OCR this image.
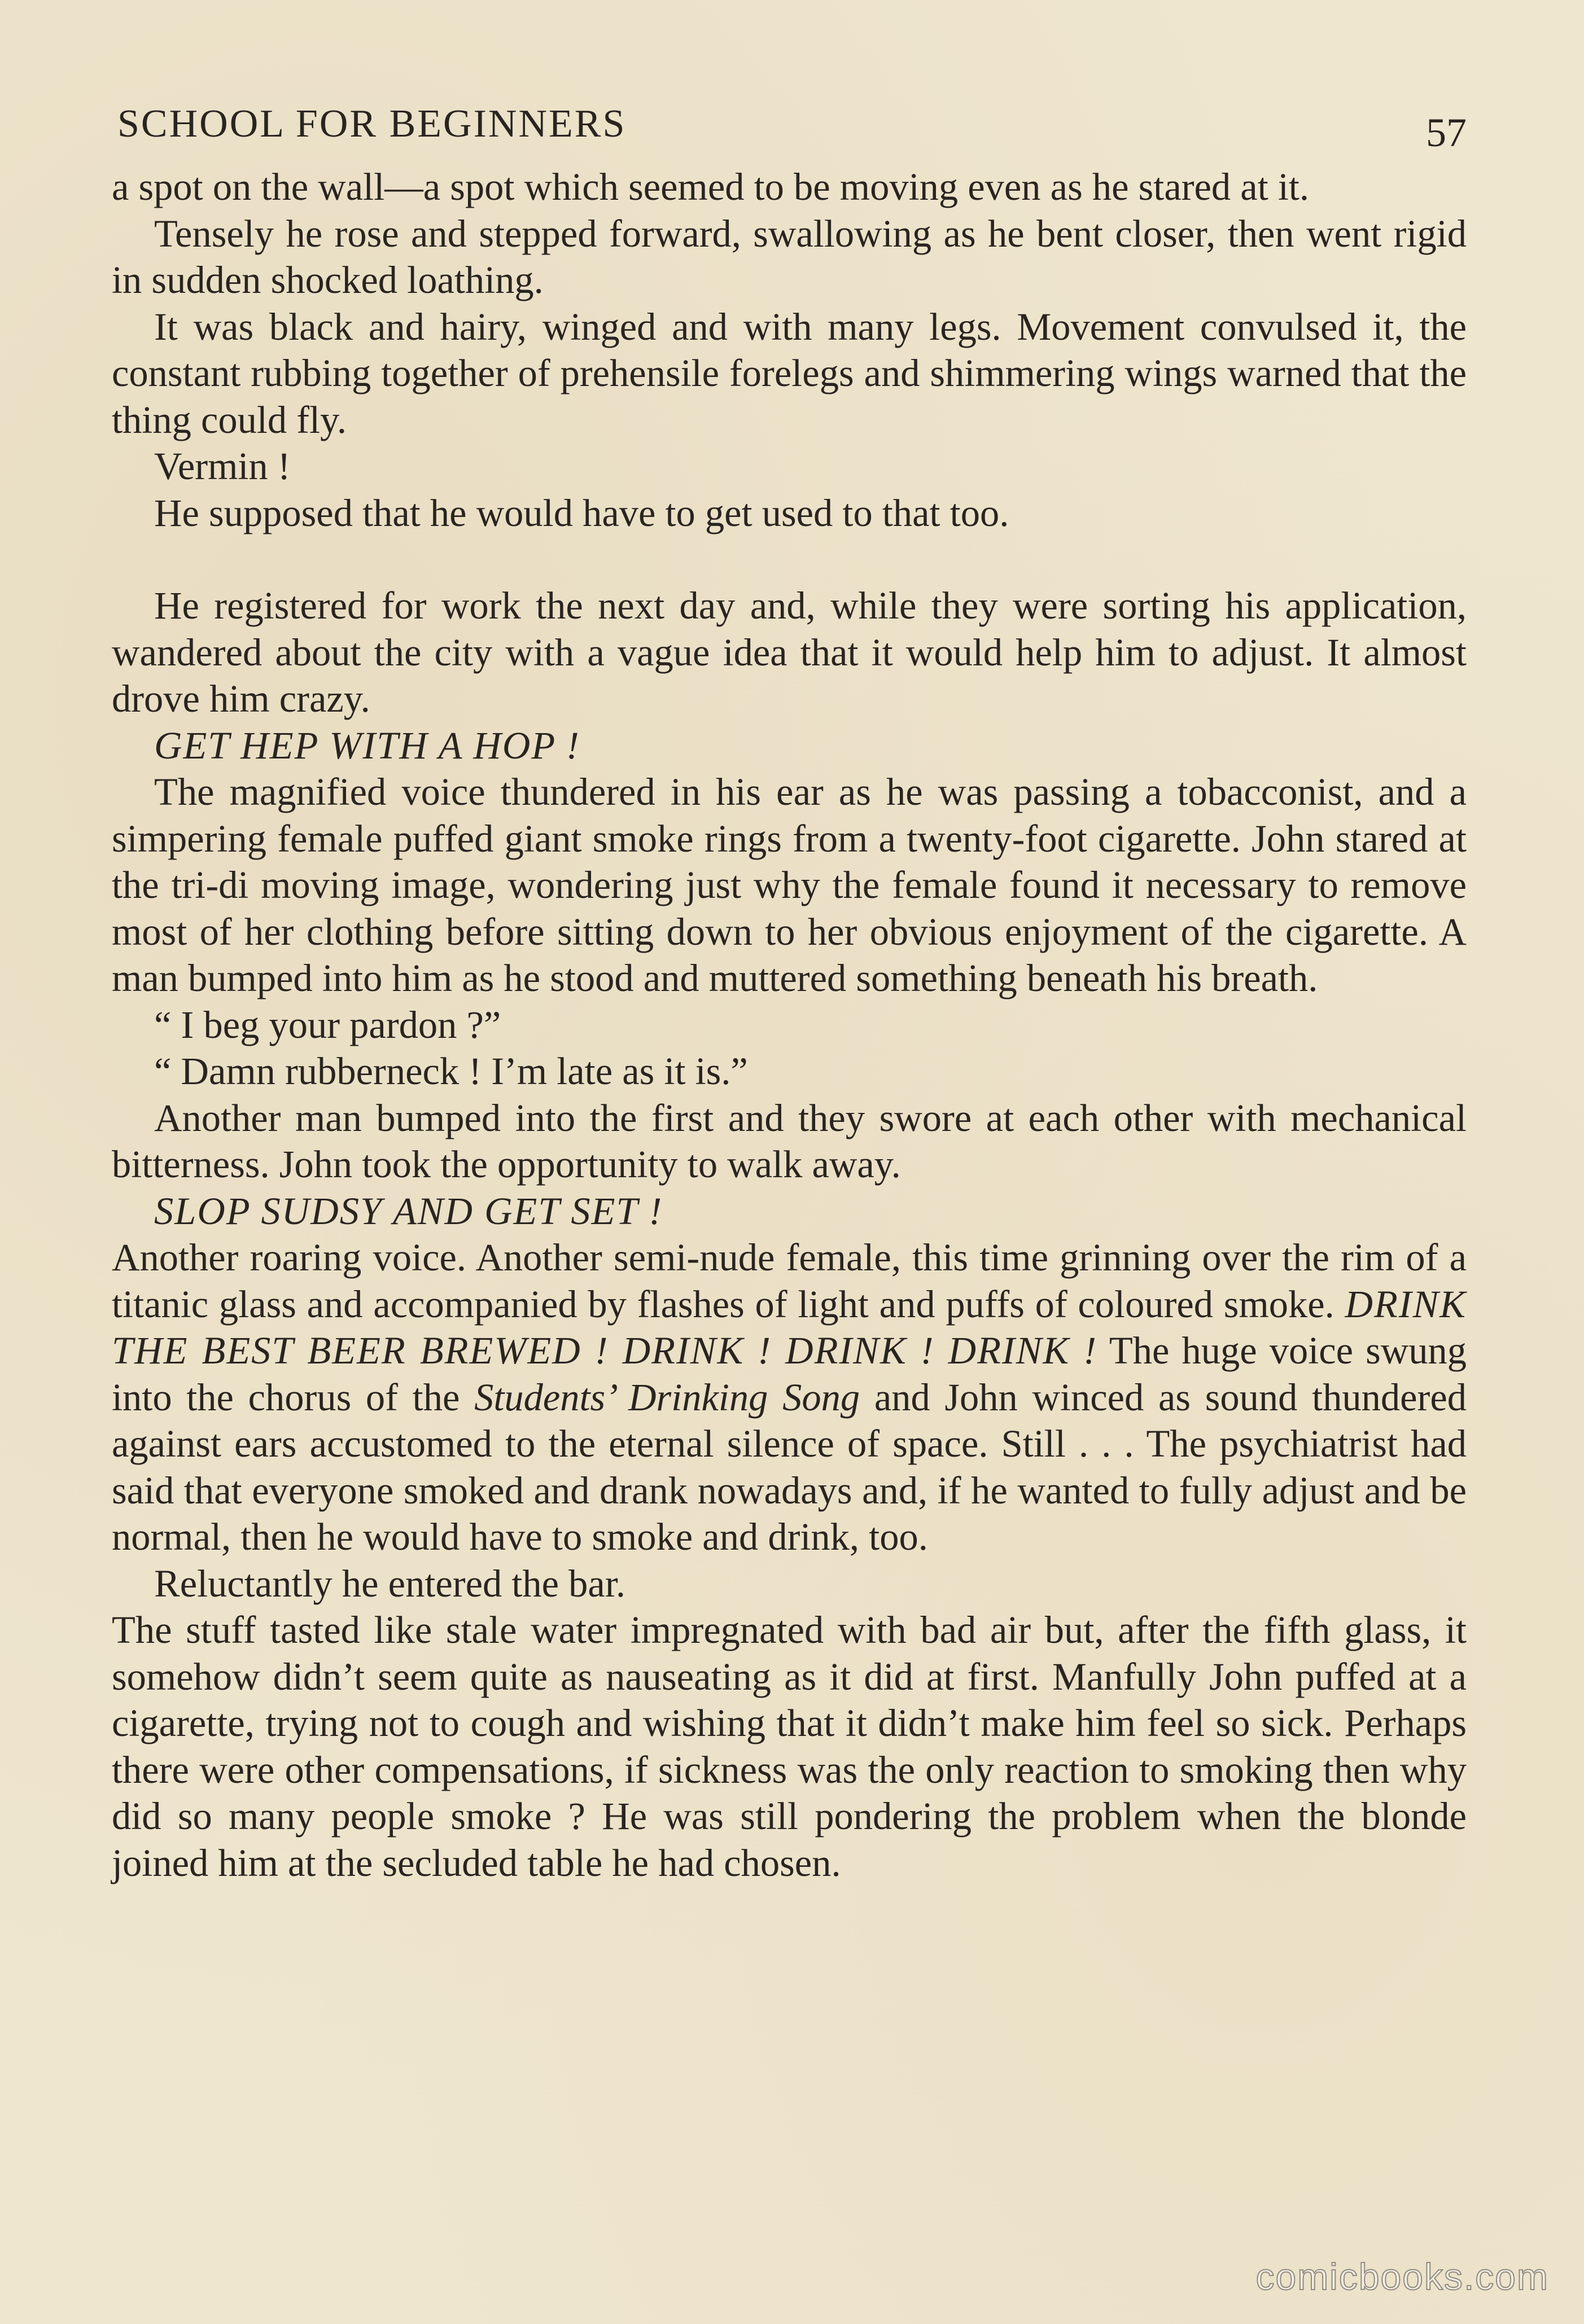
SCHOOL FOR BEGINNERS	57

a spot on the wall—a spot which seemed to be moving even as he stared at it.

Tensely he rose and stepped forward, swallowing as he bent closer, then went rigid in sudden shocked loathing.

It was black and hairy, winged and with many legs. Movement convulsed it, the constant rubbing together of prehensile forelegs and shimmering wings warned that the thing could fly.

Vermin !

He supposed that he would have to get used to that too.

He registered for work the next day and, while they were sorting his application, wandered about the city with a vague idea that it would help him to adjust. It almost drove him crazy.

GET HEP WITH A HOP !

The magnified voice thundered in his ear as he was passing a tobacconist, and a simpering female puffed giant smoke rings from a twenty-foot cigarette. John stared at the tri-di moving image, wondering just why the female found it necessary to remove most of her clothing before sitting down to her obvious enjoyment of the cigarette. A man bumped into him as he stood and muttered something beneath his breath.

“ I beg your pardon ?”

“ Damn rubberneck ! I’m late as it is.”

Another man bumped into the first and they swore at each other with mechanical bitterness. John took the opportunity to walk away.

SLOP SUDSY AND GET SET !

Another roaring voice. Another semi-nude female, this time grinning over the rim of a titanic glass and accompanied by flashes of light and puffs of coloured smoke. DRINK THE BEST BEER BREWED ! DRINK ! DRINK ! DRINK ! The huge voice swung into the chorus of the Students’ Drinking Song and John winced as sound thundered against ears accustomed to the eternal silence of space. Still . . . The psychiatrist had said that everyone smoked and drank nowadays and, if he wanted to fully adjust and be normal, then he would have to smoke and drink, too.

Reluctantly he entered the bar.

The stuff tasted like stale water impregnated with bad air but, after the fifth glass, it somehow didn’t seem quite as nauseating as it did at first. Manfully John puffed at a cigarette, trying not to cough and wishing that it didn’t make him feel so sick. Perhaps there were other compensations, if sickness was the only reaction to smoking then why did so many people smoke ? He was still pondering the problem when the blonde joined him at the secluded table he had chosen.

comicbooks.com
